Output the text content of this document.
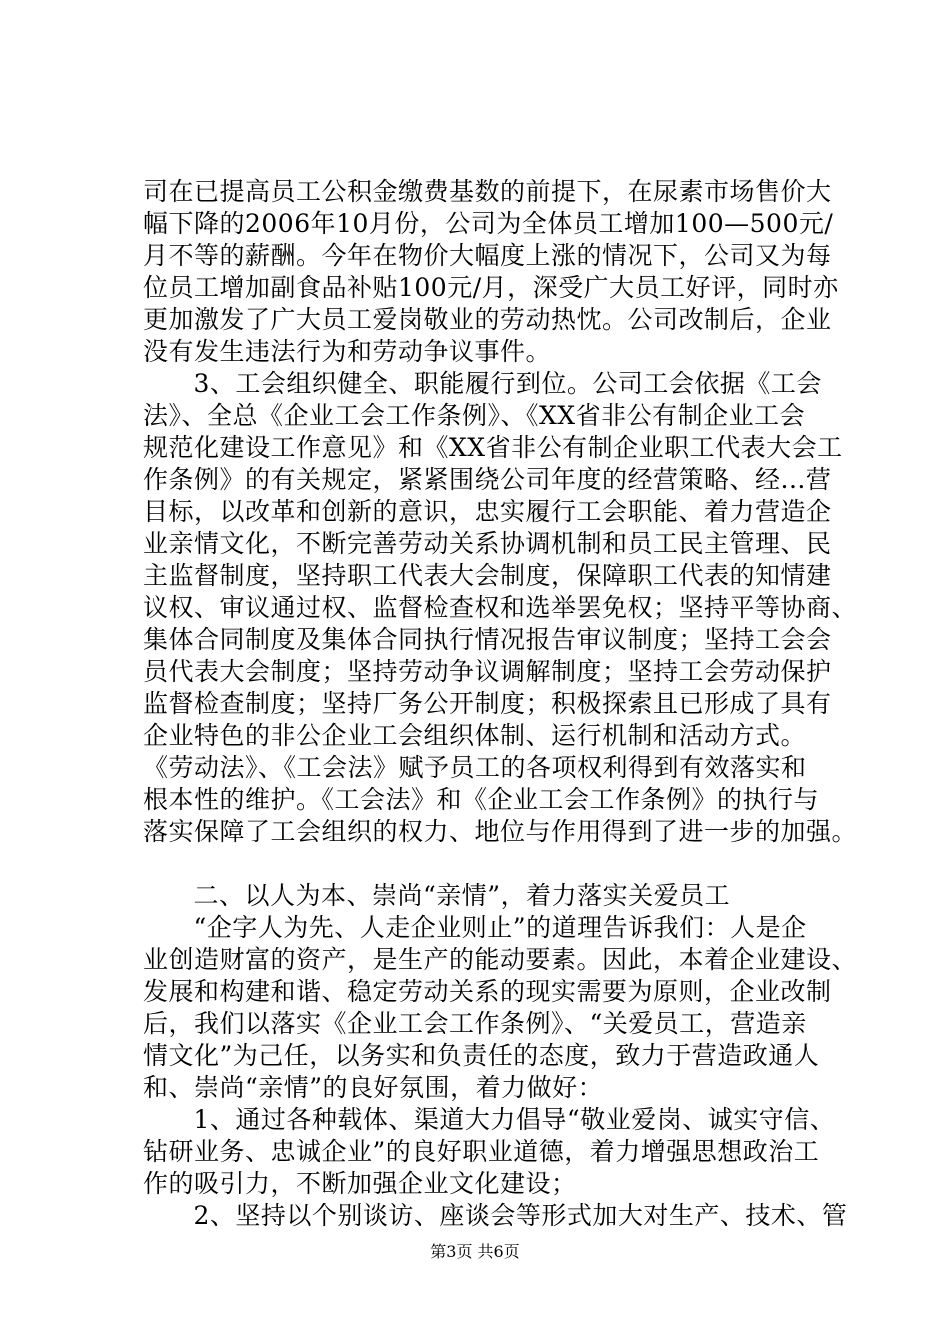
司在已提高员工公积金缴费基数的前提下，在尿素市场售价大
幅下降的2006年10月份，公司为全体员工增加100—500元/
月不等的薪酬。今年在物价大幅度上涨的情况下，公司又为每
位员工增加副食品补贴100元/月，深受广大员工好评，同时亦
更加激发了广大员工爱岗敬业的劳动热忱。公司改制后，企业
没有发生违法行为和劳动争议事件。
　3、工会组织健全、职能履行到位。公司工会依据《工会
法》、全总《企业工会工作条例》、《XX省非公有制企业工会
规范化建设工作意见》和《XX省非公有制企业职工代表大会工
作条例》的有关规定，紧紧围绕公司年度的经营策略、经...营
目标，以改革和创新的意识，忠实履行工会职能、着力营造企
业亲情文化，不断完善劳动关系协调机制和员工民主管理、民
主监督制度，坚持职工代表大会制度，保障职工代表的知情建
议权、审议通过权、监督检查权和选举罢免权；坚持平等协商、
集体合同制度及集体合同执行情况报告审议制度；坚持工会会
员代表大会制度；坚持劳动争议调解制度；坚持工会劳动保护
监督检查制度；坚持厂务公开制度；积极探索且已形成了具有
企业特色的非公企业工会组织体制、运行机制和活动方式。
《劳动法》、《工会法》赋予员工的各项权利得到有效落实和
根本性的维护。《工会法》和《企业工会工作条例》的执行与
落实保障了工会组织的权力、地位与作用得到了进一步的加强。
　二、以人为本、崇尚“亲情”，着力落实关爱员工
　“企字人为先、人走企业则止”的道理告诉我们：人是企
业创造财富的资产，是生产的能动要素。因此，本着企业建设、
发展和构建和谐、稳定劳动关系的现实需要为原则，企业改制
后，我们以落实《企业工会工作条例》、“关爱员工，营造亲
情文化”为己任，以务实和负责任的态度，致力于营造政通人
和、崇尚“亲情”的良好氛围，着力做好：
　1、通过各种载体、渠道大力倡导“敬业爱岗、诚实守信、
钻研业务、忠诚企业”的良好职业道德，着力增强思想政治工
作的吸引力，不断加强企业文化建设；
　2、坚持以个别谈访、座谈会等形式加大对生产、技术、管
第3页 共6页
